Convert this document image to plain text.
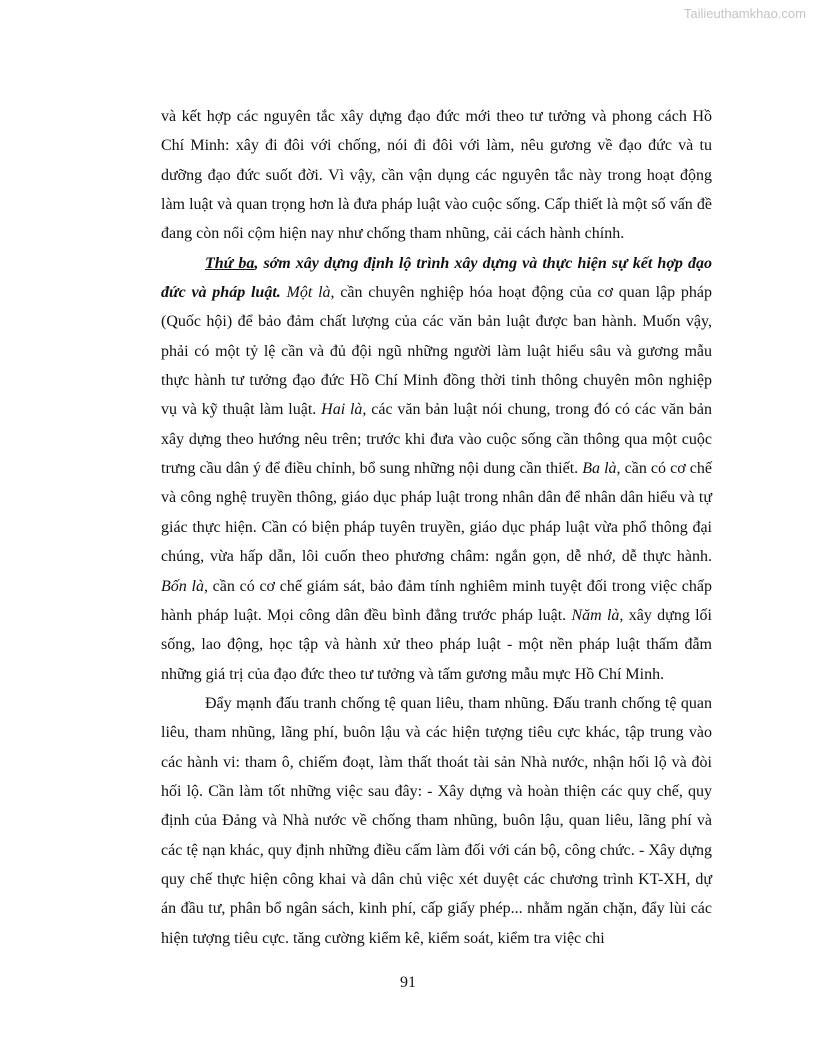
Tailieuthamkhao.com

và kết hợp các nguyên tắc xây dựng đạo đức mới theo tư tưởng và phong cách Hồ Chí Minh: xây đi đôi với chống, nói đi đôi với làm, nêu gương về đạo đức và tu dưỡng đạo đức suốt đời. Vì vậy, cần vận dụng các nguyên tắc này trong hoạt động làm luật và quan trọng hơn là đưa pháp luật vào cuộc sống. Cấp thiết là một số vấn đề đang còn nổi cộm hiện nay như chống tham nhũng, cải cách hành chính.

Thứ ba, sớm xây dựng định lộ trình xây dựng và thực hiện sự kết hợp đạo đức và pháp luật. Một là, cần chuyên nghiệp hóa hoạt động của cơ quan lập pháp (Quốc hội) để bảo đảm chất lượng của các văn bản luật được ban hành. Muốn vậy, phải có một tỷ lệ cần và đủ đội ngũ những người làm luật hiểu sâu và gương mẫu thực hành tư tưởng đạo đức Hồ Chí Minh đồng thời tinh thông chuyên môn nghiệp vụ và kỹ thuật làm luật. Hai là, các văn bản luật nói chung, trong đó có các văn bản xây dựng theo hướng nêu trên; trước khi đưa vào cuộc sống cần thông qua một cuộc trưng cầu dân ý để điều chỉnh, bổ sung những nội dung cần thiết. Ba là, cần có cơ chế và công nghệ truyền thông, giáo dục pháp luật trong nhân dân để nhân dân hiểu và tự giác thực hiện. Cần có biện pháp tuyên truyền, giáo dục pháp luật vừa phổ thông đại chúng, vừa hấp dẫn, lôi cuốn theo phương châm: ngắn gọn, dễ nhớ, dễ thực hành. Bốn là, cần có cơ chế giám sát, bảo đảm tính nghiêm minh tuyệt đối trong việc chấp hành pháp luật. Mọi công dân đều bình đẳng trước pháp luật. Năm là, xây dựng lối sống, lao động, học tập và hành xử theo pháp luật - một nền pháp luật thấm đẫm những giá trị của đạo đức theo tư tưởng và tấm gương mẫu mực Hồ Chí Minh.

Đẩy mạnh đấu tranh chống tệ quan liêu, tham nhũng. Đấu tranh chống tệ quan liêu, tham nhũng, lãng phí, buôn lậu và các hiện tượng tiêu cực khác, tập trung vào các hành vi: tham ô, chiếm đoạt, làm thất thoát tài sản Nhà nước, nhận hối lộ và đòi hối lộ. Cần làm tốt những việc sau đây: - Xây dựng và hoàn thiện các quy chế, quy định của Đảng và Nhà nước về chống tham nhũng, buôn lậu, quan liêu, lãng phí và các tệ nạn khác, quy định những điều cấm làm đối với cán bộ, công chức. - Xây dựng quy chế thực hiện công khai và dân chủ việc xét duyệt các chương trình KT-XH, dự án đầu tư, phân bổ ngân sách, kinh phí, cấp giấy phép... nhằm ngăn chặn, đẩy lùi các hiện tượng tiêu cực. tăng cường kiểm kê, kiểm soát, kiểm tra việc chi

91
